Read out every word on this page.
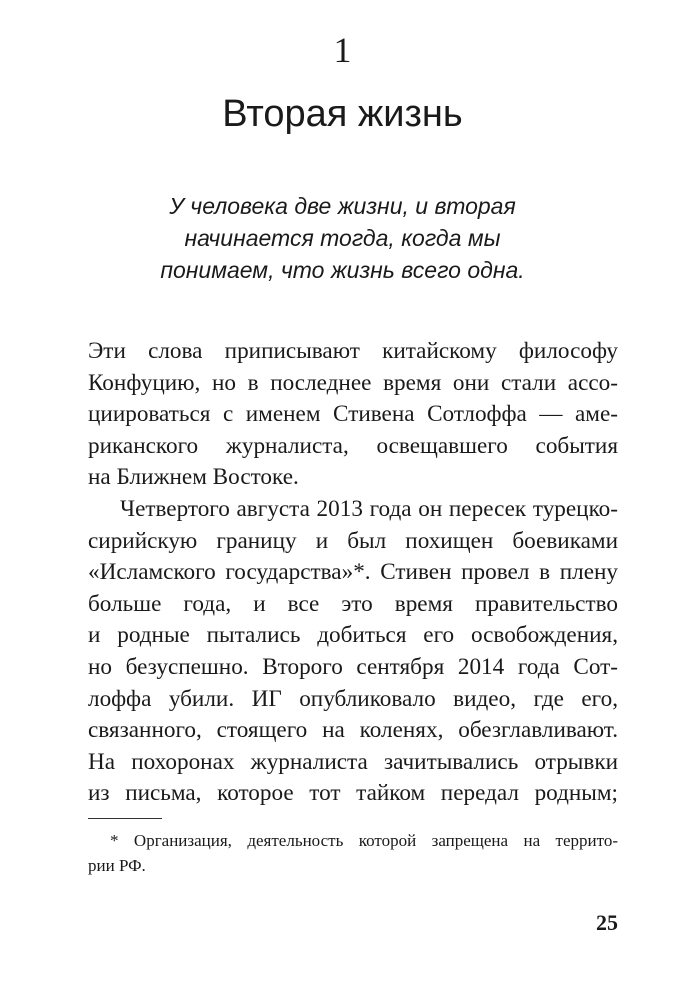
1
Вторая жизнь
У человека две жизни, и вторая
начинается тогда, когда мы
понимаем, что жизнь всего одна.
Эти слова приписывают китайскому философу
Конфуцию, но в последнее время они стали ассо-
циироваться с именем Стивена Сотлоффа — аме-
риканского журналиста, освещавшего события
на Ближнем Востоке.
Четвертого августа 2013 года он пересек турецко-
сирийскую границу и был похищен боевиками
«Исламского государства»*. Стивен провел в плену
больше года, и все это время правительство
и родные пытались добиться его освобождения,
но безуспешно. Второго сентября 2014 года Сот-
лоффа убили. ИГ опубликовало видео, где его,
связанного, стоящего на коленях, обезглавливают.
На похоронах журналиста зачитывались отрывки
из письма, которое тот тайком передал родным;
* Организация, деятельность которой запрещена на террито-
рии РФ.
25
